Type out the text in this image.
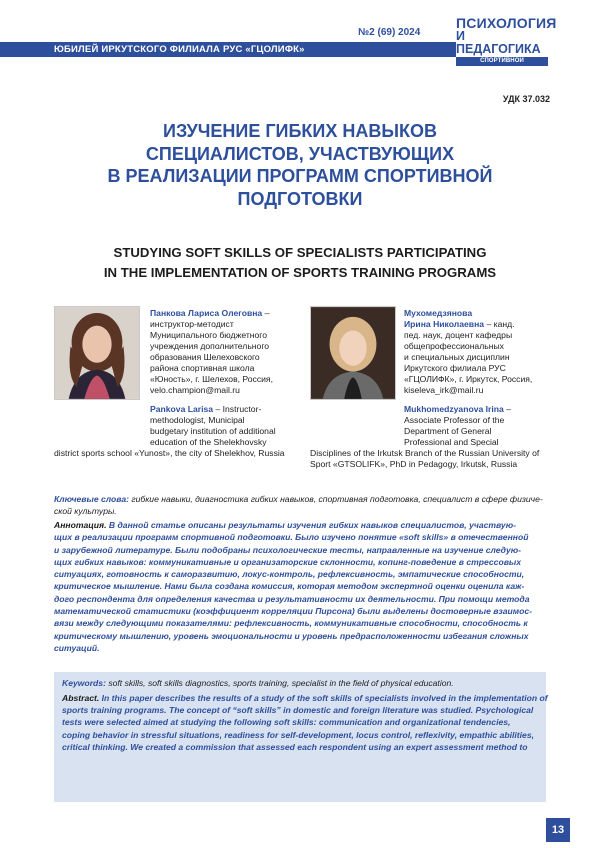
ЮБИЛЕЙ ИРКУТСКОГО ФИЛИАЛА РУС «ГЦОЛИФК»
№2 (69) 2024
ПСИХОЛОГИЯ
И ПЕДАГОГИКА
СПОРТИВНОЙ ДЕЯТЕЛЬНОСТИ
УДК 37.032
ИЗУЧЕНИЕ ГИБКИХ НАВЫКОВ
СПЕЦИАЛИСТОВ, УЧАСТВУЮЩИХ
В РЕАЛИЗАЦИИ ПРОГРАММ СПОРТИВНОЙ
ПОДГОТОВКИ
STUDYING SOFT SKILLS OF SPECIALISTS PARTICIPATING
IN THE IMPLEMENTATION OF SPORTS TRAINING PROGRAMS
Панкова Лариса Олеговна –
инструктор-методист
Муниципального бюджетного
учреждения дополнительного
образования Шелеховского
района спортивная школа
«Юность», г. Шелехов, Россия,
velo.champion@mail.ru
Pankova Larisa – Instructor-
methodologist, Municipal
budgetary institution of additional
education of the Shelekhovsky
district sports school «Yunost», the city of Shelekhov, Russia
Мухомедзянова
Ирина Николаевна – канд.
пед. наук, доцент кафедры
общепрофессиональных
и специальных дисциплин
Иркутского филиала РУС
«ГЦОЛИФК», г. Иркутск, Россия,
kiseleva_irk@mail.ru
Mukhomedzyanova Irina –
Associate Professor of the
Department of General
Professional and Special
Disciplines of the Irkutsk Branch of the Russian University of
Sport «GTSOLIFK», PhD in Pedagogy, Irkutsk, Russia
Ключевые слова: гибкие навыки, диагностика гибких навыков, спортивная подготовка, специалист в сфере физиче-
ской культуры.
Аннотация. В данной статье описаны результаты изучения гибких навыков специалистов, участвую-
щих в реализации программ спортивной подготовки. Было изучено понятие «soft skills» в отечественной
и зарубежной литературе. Были подобраны психологические тесты, направленные на изучение следую-
щих гибких навыков: коммуникативные и организаторские склонности, копинг-поведение в стрессовых
ситуациях, готовность к саморазвитию, локус-контроль, рефлексивность, эмпатические способности,
критическое мышление. Нами была создана комиссия, которая методом экспертной оценки оценила каж-
дого респондента для определения качества и результативности их деятельности. При помощи метода
математической статистики (коэффициент корреляции Пирсона) были выделены достоверные взаимос-
вязи между следующими показателями: рефлексивность, коммуникативные способности, способность к
критическому мышлению, уровень эмоциональности и уровень предрасположенности избегания сложных
ситуаций.
Keywords: soft skills, soft skills diagnostics, sports training, specialist in the field of physical education.
Abstract. In this paper describes the results of a study of the soft skills of specialists involved in the implementation of
sports training programs. The concept of “soft skills” in domestic and foreign literature was studied. Psychological
tests were selected aimed at studying the following soft skills: communication and organizational tendencies,
coping behavior in stressful situations, readiness for self-development, locus control, reflexivity, empathic abilities,
critical thinking. We created a commission that assessed each respondent using an expert assessment method to
13
